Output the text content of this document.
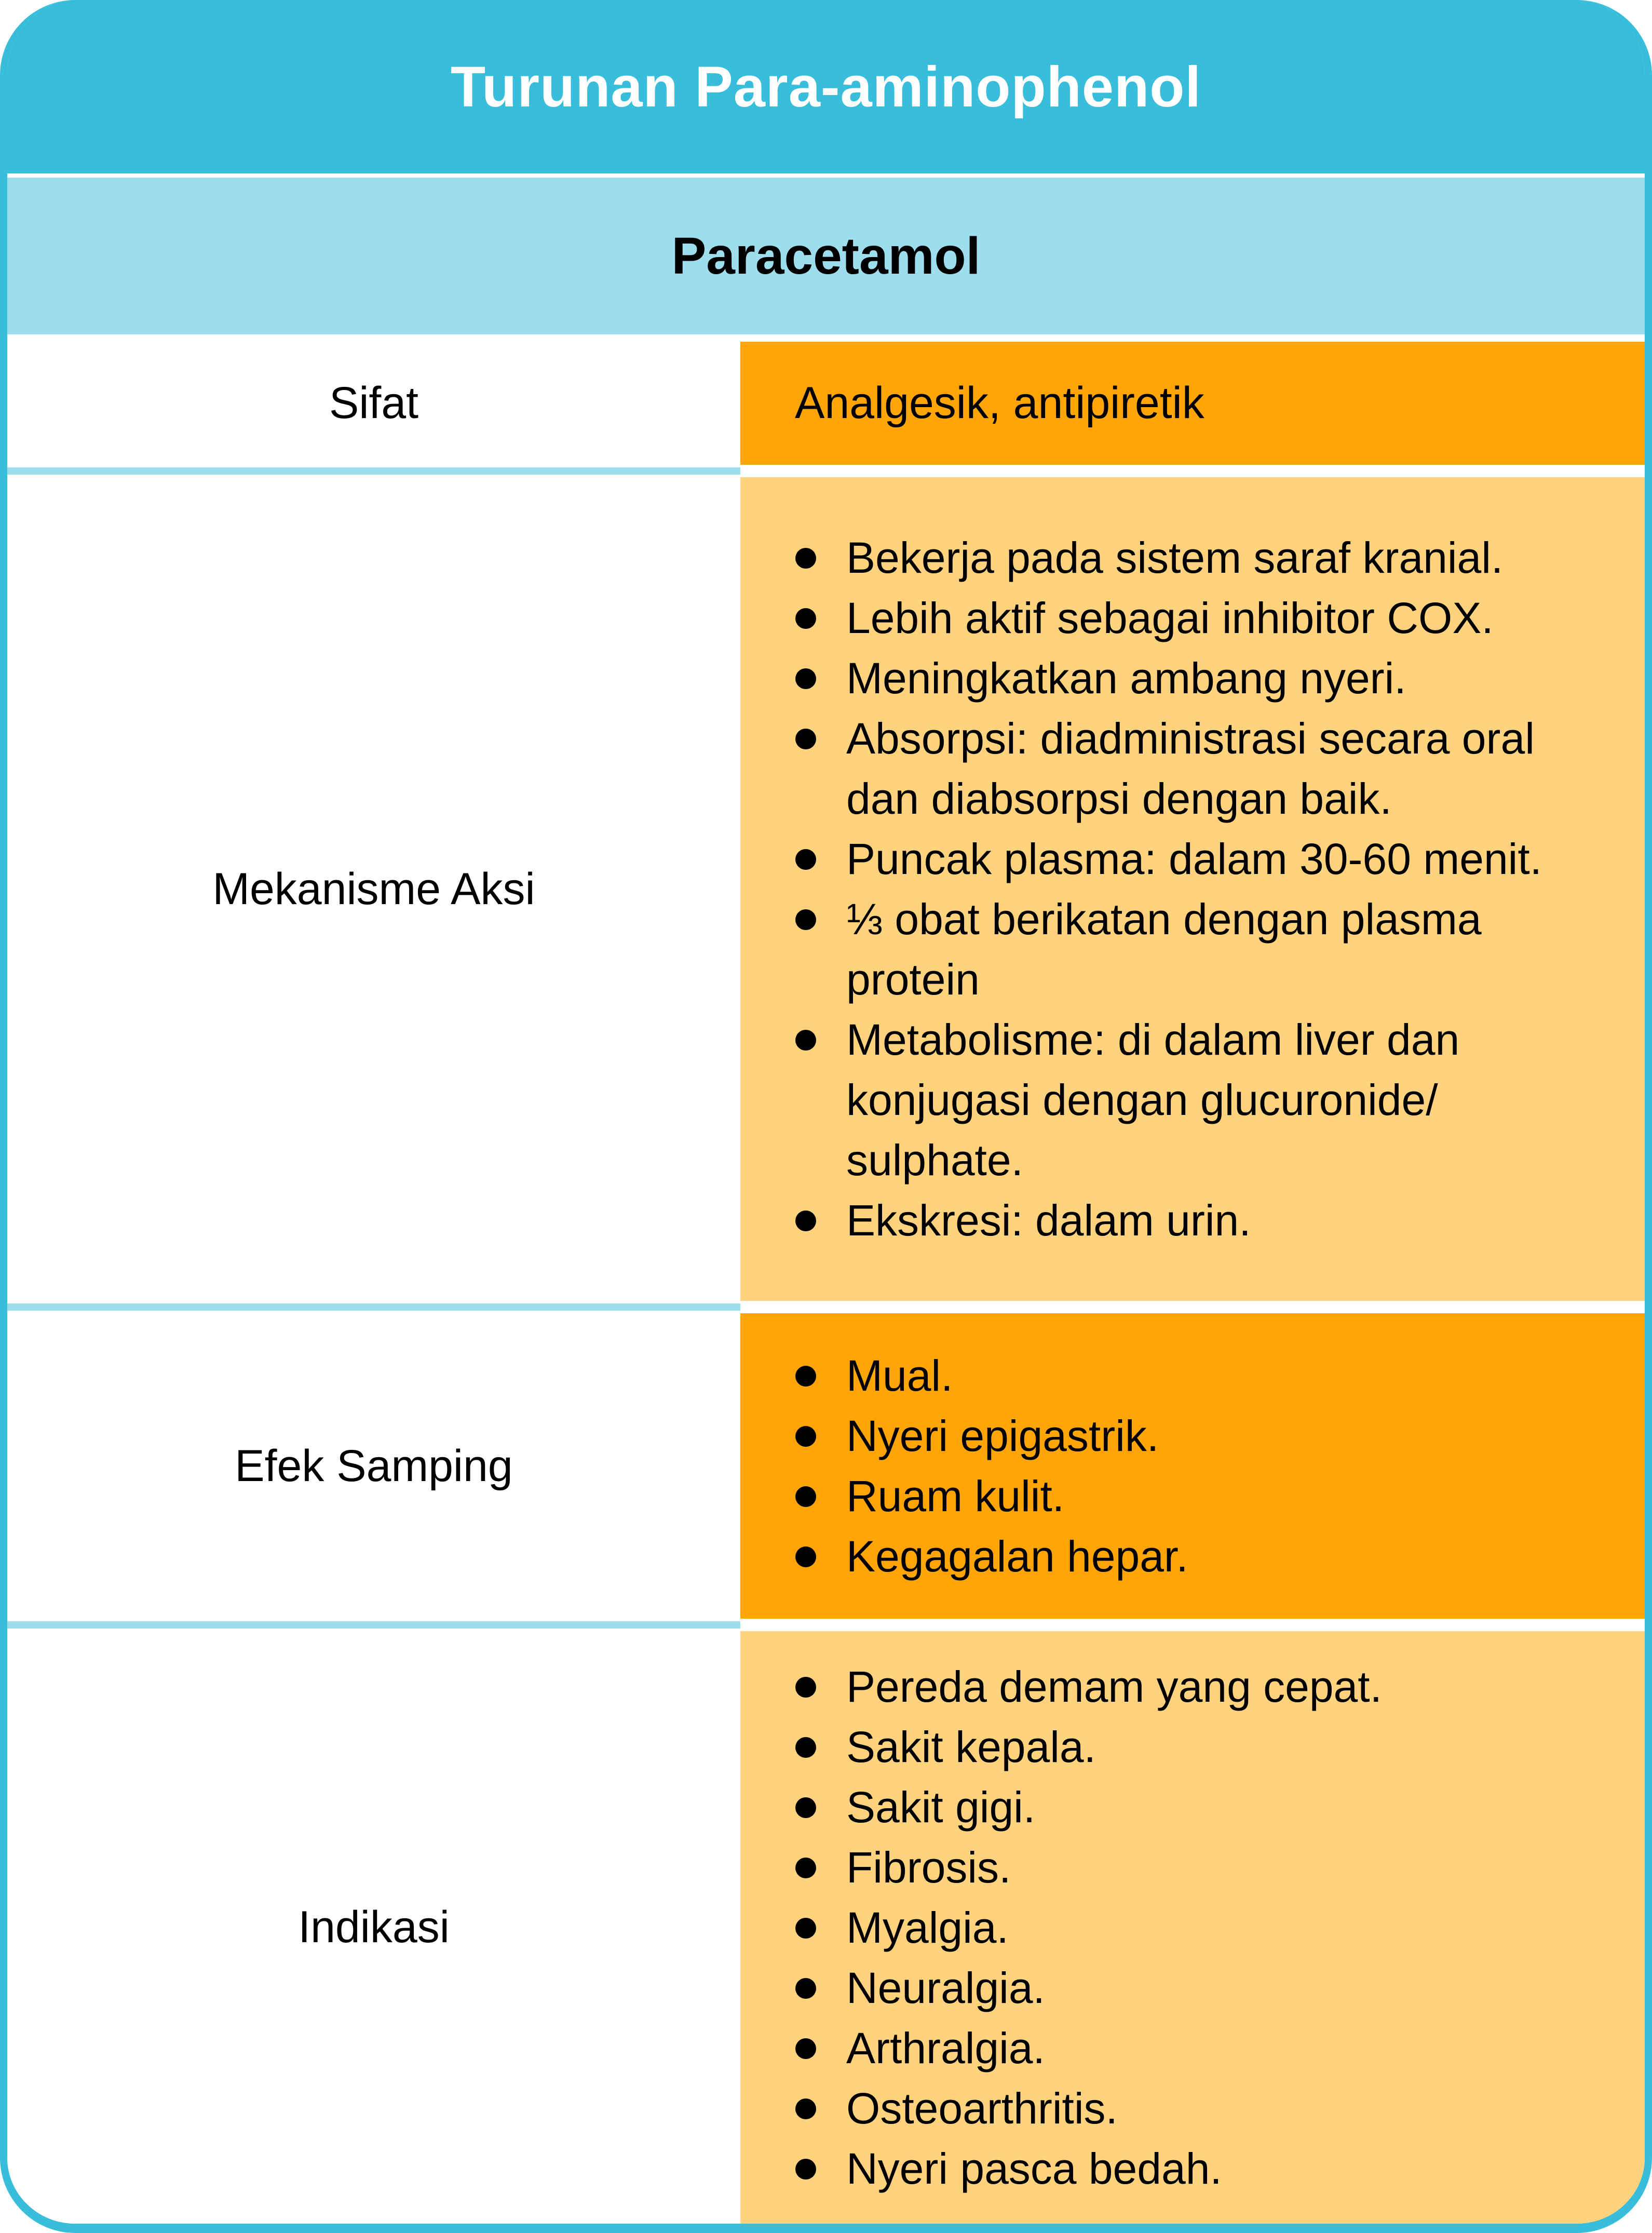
Turunan Para-aminophenol
Paracetamol
Sifat	Analgesik, antipiretik
Mekanisme Aksi
Bekerja pada sistem saraf kranial.
Lebih aktif sebagai inhibitor COX.
Meningkatkan ambang nyeri.
Absorpsi: diadministrasi secara oral dan diabsorpsi dengan baik.
Puncak plasma: dalam 30-60 menit.
⅓ obat berikatan dengan plasma protein
Metabolisme: di dalam liver dan konjugasi dengan glucuronide/ sulphate.
Ekskresi: dalam urin.
Efek Samping
Mual.
Nyeri epigastrik.
Ruam kulit.
Kegagalan hepar.
Indikasi
Pereda demam yang cepat.
Sakit kepala.
Sakit gigi.
Fibrosis.
Myalgia.
Neuralgia.
Arthralgia.
Osteoarthritis.
Nyeri pasca bedah.
